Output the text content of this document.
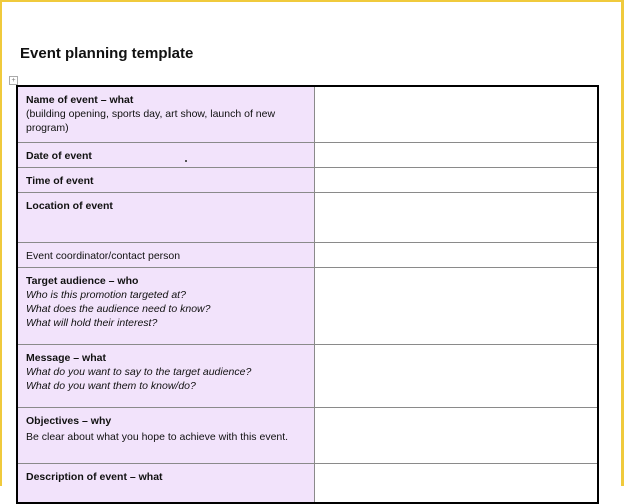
Event planning template
+
Name of event – what
(building opening, sports day, art show, launch of new program)	

Date of event	

Time of event	

Location of event	

Event coordinator/contact person	

Target audience – who
Who is this promotion targeted at?
What does the audience need to know?
What will hold their interest?	

Message – what
What do you want to say to the target audience?
What do you want them to know/do?	

Objectives – why
Be clear about what you hope to achieve with this event.	

Description of event – what	
